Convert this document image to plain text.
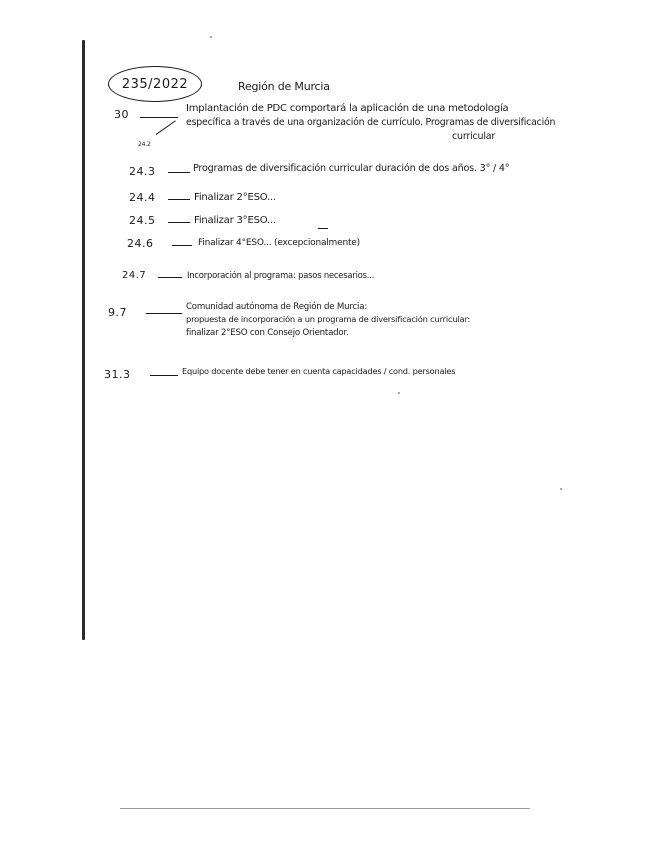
235/2022	Región de Murcia
30	Implantación de PDC comportará la aplicación de una metodología
específica a través de una organización de currículo. Programas de diversificación
curricular
24.2
24.3	Programas de diversificación curricular duración de dos años. 3° / 4°
24.4	Finalizar 2°ESO...
24.5	Finalizar 3°ESO...
24.6	Finalizar 4°ESO... (excepcionalmente)
24.7	Incorporación al programa: pasos necesarios...
9.7	Comunidad autónoma de Región de Murcia:
propuesta de incorporación a un programa de diversificación curricular:
finalizar 2°ESO con Consejo Orientador.
31.3	Equipo docente debe tener en cuenta capacidades / cond. personales
